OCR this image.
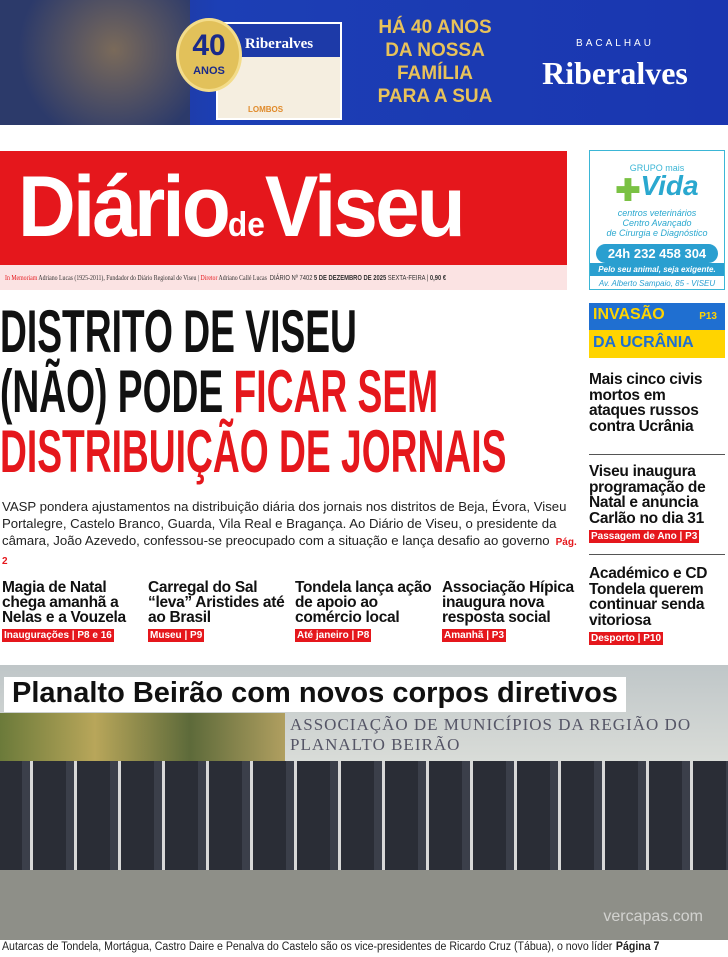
Riberalves
LOMBOS
40
ANOS
HÁ 40 ANOS
DA NOSSA
FAMÍLIA
PARA A SUA
BACALHAU
Riberalves
DiáriodeViseu
In Memoriam Adriano Lucas (1925-2011), Fundador do Diário Regional de Viseu | Diretor Adriano Callé Lucas DIÁRIO Nº 7402 5 DE DEZEMBRO DE 2025 SEXTA-FEIRA | 0,90 €
GRUPO mais
✚Vida
centros veterinários
Centro Avançado
de Cirurgia e Diagnóstico
24h 232 458 304
Pelo seu animal, seja exigente.
Av. Alberto Sampaio, 85 - VISEU
DISTRITO DE VISEU
(NÃO) PODE FICAR SEM
DISTRIBUIÇÃO DE JORNAIS
VASP pondera ajustamentos na distribuição diária dos jornais nos distritos de Beja, Évora, Viseu Portalegre, Castelo Branco, Guarda, Vila Real e Bragança. Ao Diário de Viseu, o presidente da câmara, João Azevedo, confessou-se preocupado com a situação e lança desafio ao governo Pág. 2
Magia de Natal chega amanhã a Nelas e a Vouzela
Inaugurações | P8 e 16
Carregal do Sal “leva” Aristides até ao Brasil
Museu | P9
Tondela lança ação de apoio ao comércio local
Até janeiro | P8
Associação Hípica inaugura nova resposta social
Amanhã | P3
INVASÃO	P13
DA UCRÂNIA
Mais cinco civis mortos em ataques russos contra Ucrânia
Viseu inaugura programação de Natal e anuncia Carlão no dia 31
Passagem de Ano | P3
Académico e CD Tondela querem continuar senda vitoriosa
Desporto | P10
ASSOCIAÇÃO DE MUNICÍPIOS DA REGIÃO DO PLANALTO BEIRÃO
vercapas.com
Planalto Beirão com novos corpos diretivos
Autarcas de Tondela, Mortágua, Castro Daire e Penalva do Castelo são os vice-presidentes de Ricardo Cruz (Tábua), o novo líder Página 7
